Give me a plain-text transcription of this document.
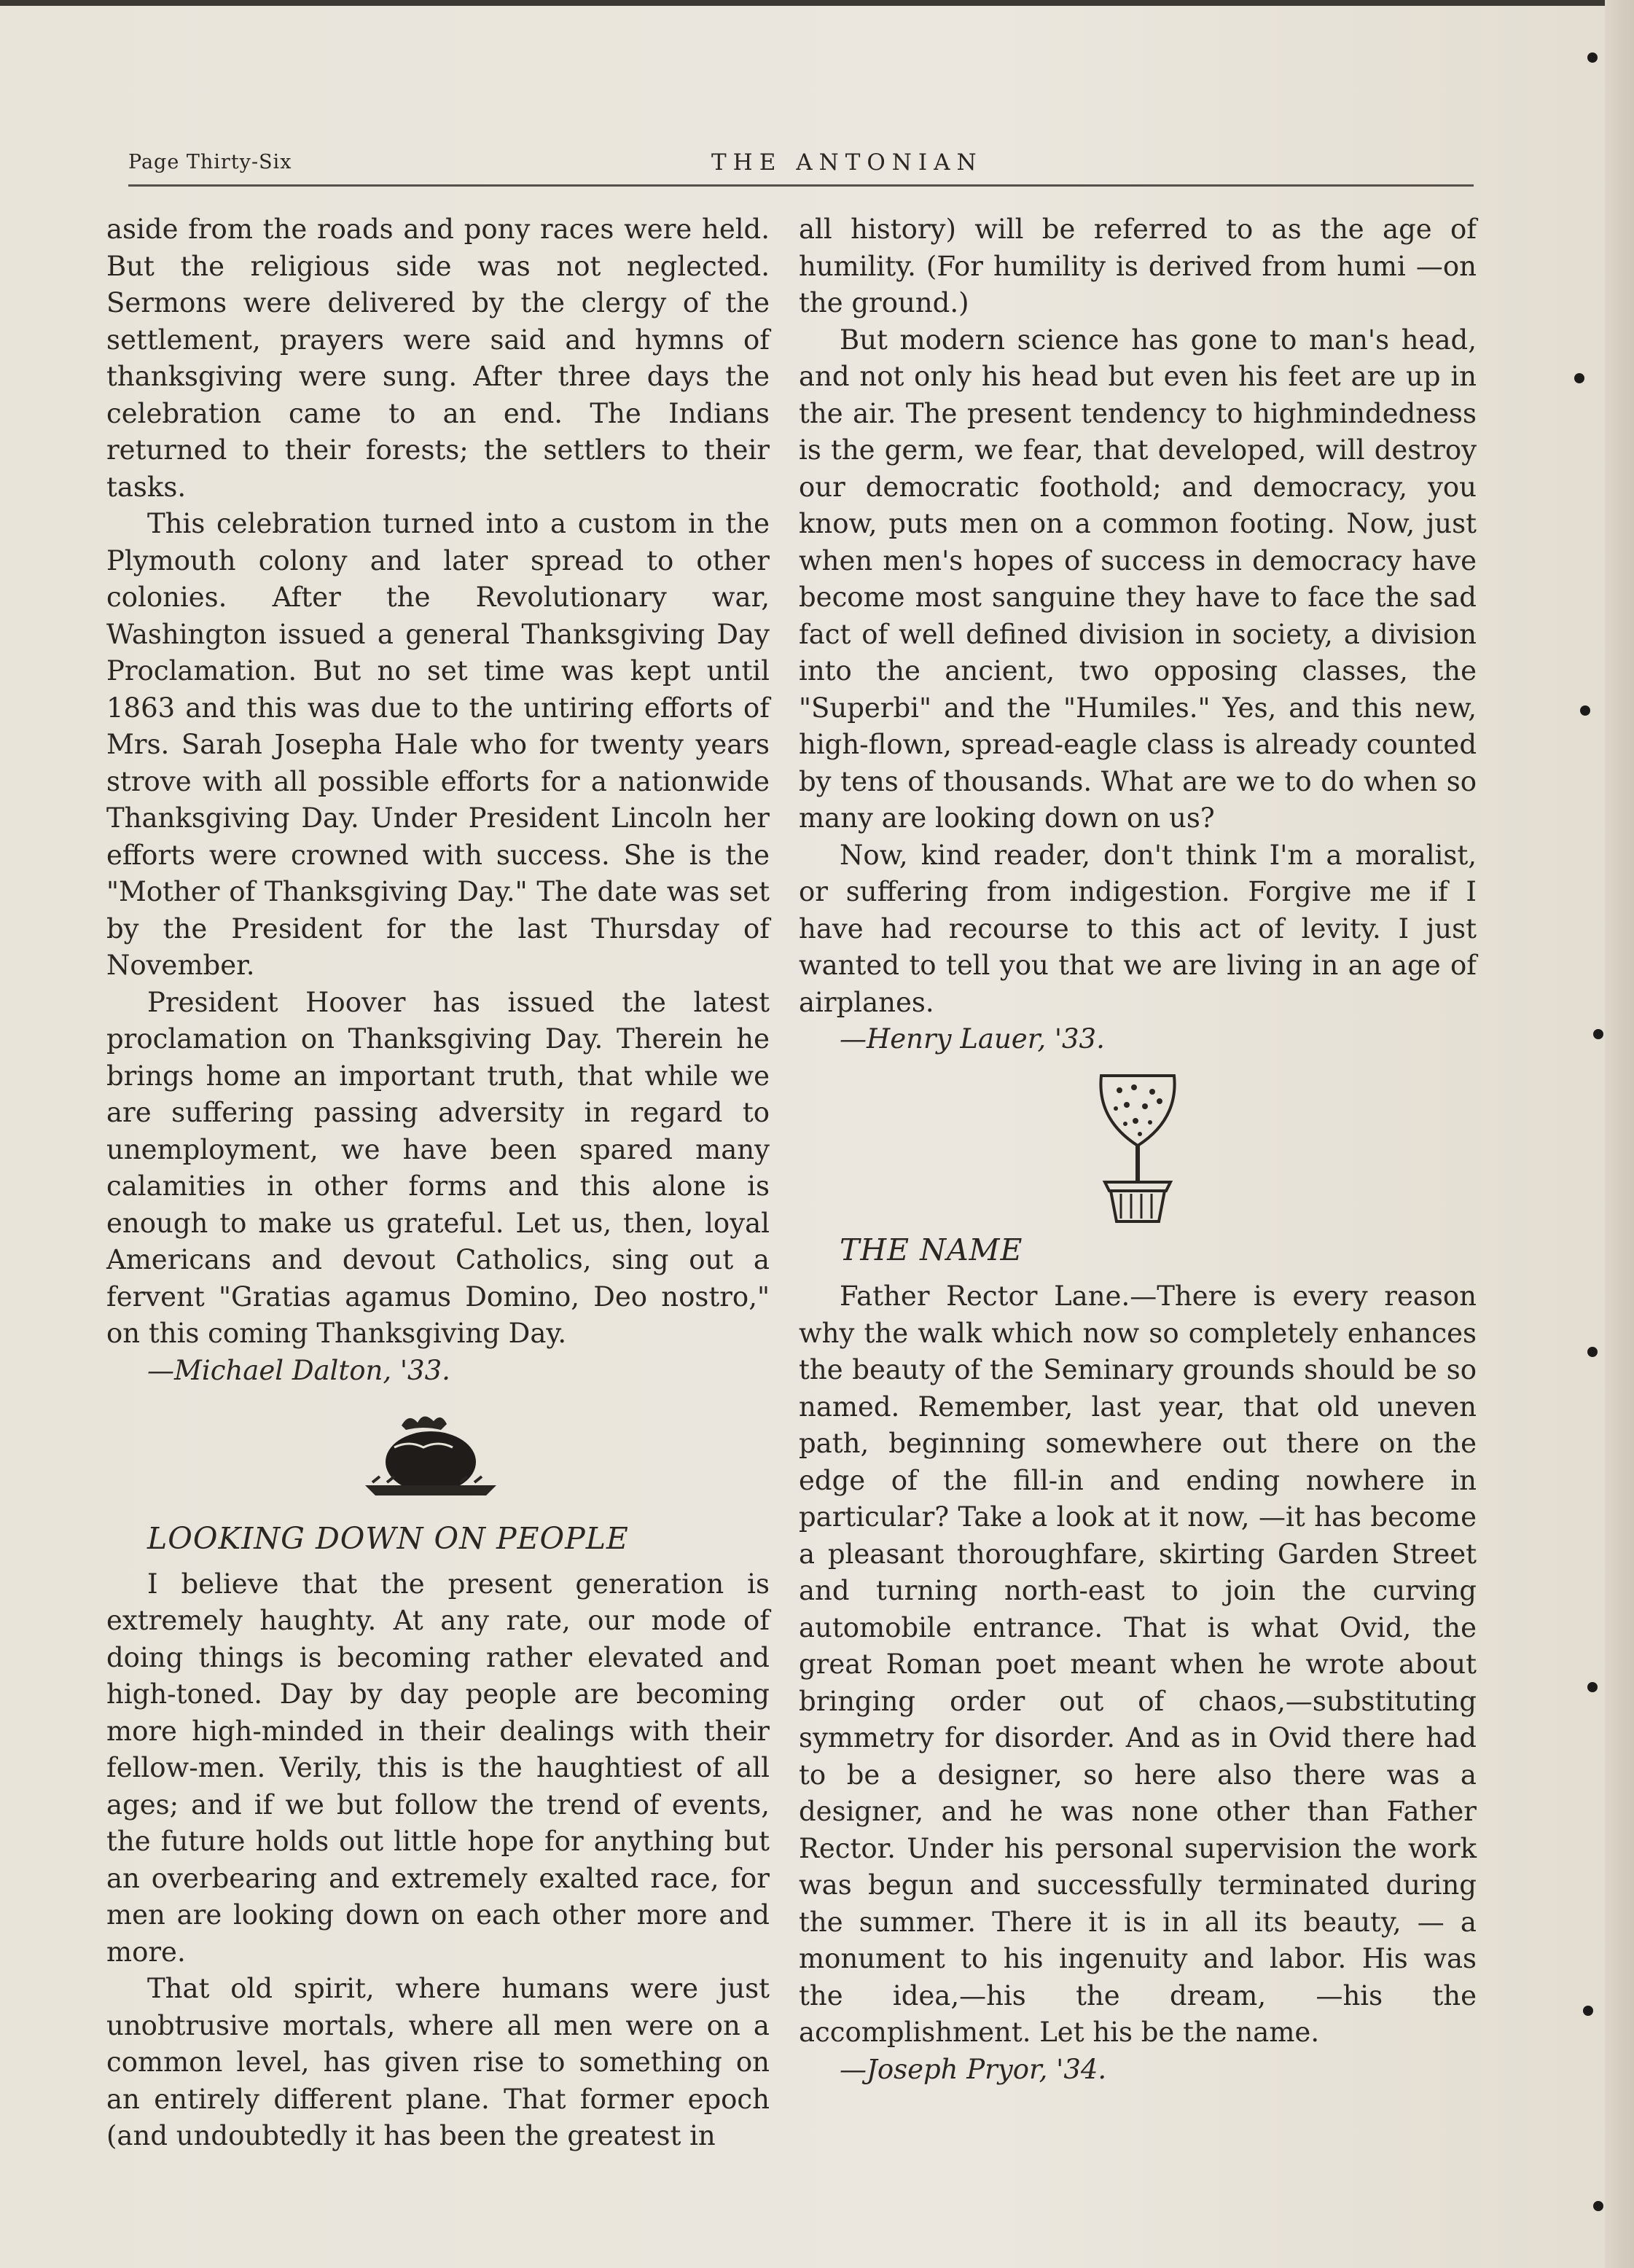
Page Thirty-Six	THE ANTONIAN

aside from the roads and pony races were held. But the religious side was not neglected. Sermons were delivered by the clergy of the settlement, prayers were said and hymns of thanksgiving were sung. After three days the celebration came to an end. The Indians returned to their forests; the settlers to their tasks.

This celebration turned into a custom in the Plymouth colony and later spread to other colonies. After the Revolutionary war, Washington issued a general Thanksgiving Day Proclamation. But no set time was kept until 1863 and this was due to the untiring efforts of Mrs. Sarah Josepha Hale who for twenty years strove with all possible efforts for a nationwide Thanksgiving Day. Under President Lincoln her efforts were crowned with success. She is the "Mother of Thanksgiving Day." The date was set by the President for the last Thursday of November.

President Hoover has issued the latest proclamation on Thanksgiving Day. Therein he brings home an important truth, that while we are suffering passing adversity in regard to unemployment, we have been spared many calamities in other forms and this alone is enough to make us grateful. Let us, then, loyal Americans and devout Catholics, sing out a fervent "Gratias agamus Domino, Deo nostro," on this coming Thanksgiving Day.

—Michael Dalton, '33.

LOOKING DOWN ON PEOPLE

I believe that the present generation is extremely haughty. At any rate, our mode of doing things is becoming rather elevated and high-toned. Day by day people are becoming more high-minded in their dealings with their fellow-men. Verily, this is the haughtiest of all ages; and if we but follow the trend of events, the future holds out little hope for anything but an overbearing and extremely exalted race, for men are looking down on each other more and more.

That old spirit, where humans were just unobtrusive mortals, where all men were on a common level, has given rise to something on an entirely different plane. That former epoch (and undoubtedly it has been the greatest in

all history) will be referred to as the age of humility. (For humility is derived from humi —on the ground.)

But modern science has gone to man's head, and not only his head but even his feet are up in the air. The present tendency to highmindedness is the germ, we fear, that developed, will destroy our democratic foothold; and democracy, you know, puts men on a common footing. Now, just when men's hopes of success in democracy have become most sanguine they have to face the sad fact of well defined division in society, a division into the ancient, two opposing classes, the "Superbi" and the "Humiles." Yes, and this new, high-flown, spread-eagle class is already counted by tens of thousands. What are we to do when so many are looking down on us?

Now, kind reader, don't think I'm a moralist, or suffering from indigestion. Forgive me if I have had recourse to this act of levity. I just wanted to tell you that we are living in an age of airplanes.

—Henry Lauer, '33.

THE NAME

Father Rector Lane.—There is every reason why the walk which now so completely enhances the beauty of the Seminary grounds should be so named. Remember, last year, that old uneven path, beginning somewhere out there on the edge of the fill-in and ending nowhere in particular? Take a look at it now, —it has become a pleasant thoroughfare, skirting Garden Street and turning north-east to join the curving automobile entrance. That is what Ovid, the great Roman poet meant when he wrote about bringing order out of chaos,—substituting symmetry for disorder. And as in Ovid there had to be a designer, so here also there was a designer, and he was none other than Father Rector. Under his personal supervision the work was begun and successfully terminated during the summer. There it is in all its beauty, — a monument to his ingenuity and labor. His was the idea,—his the dream, —his the accomplishment. Let his be the name.

—Joseph Pryor, '34.
